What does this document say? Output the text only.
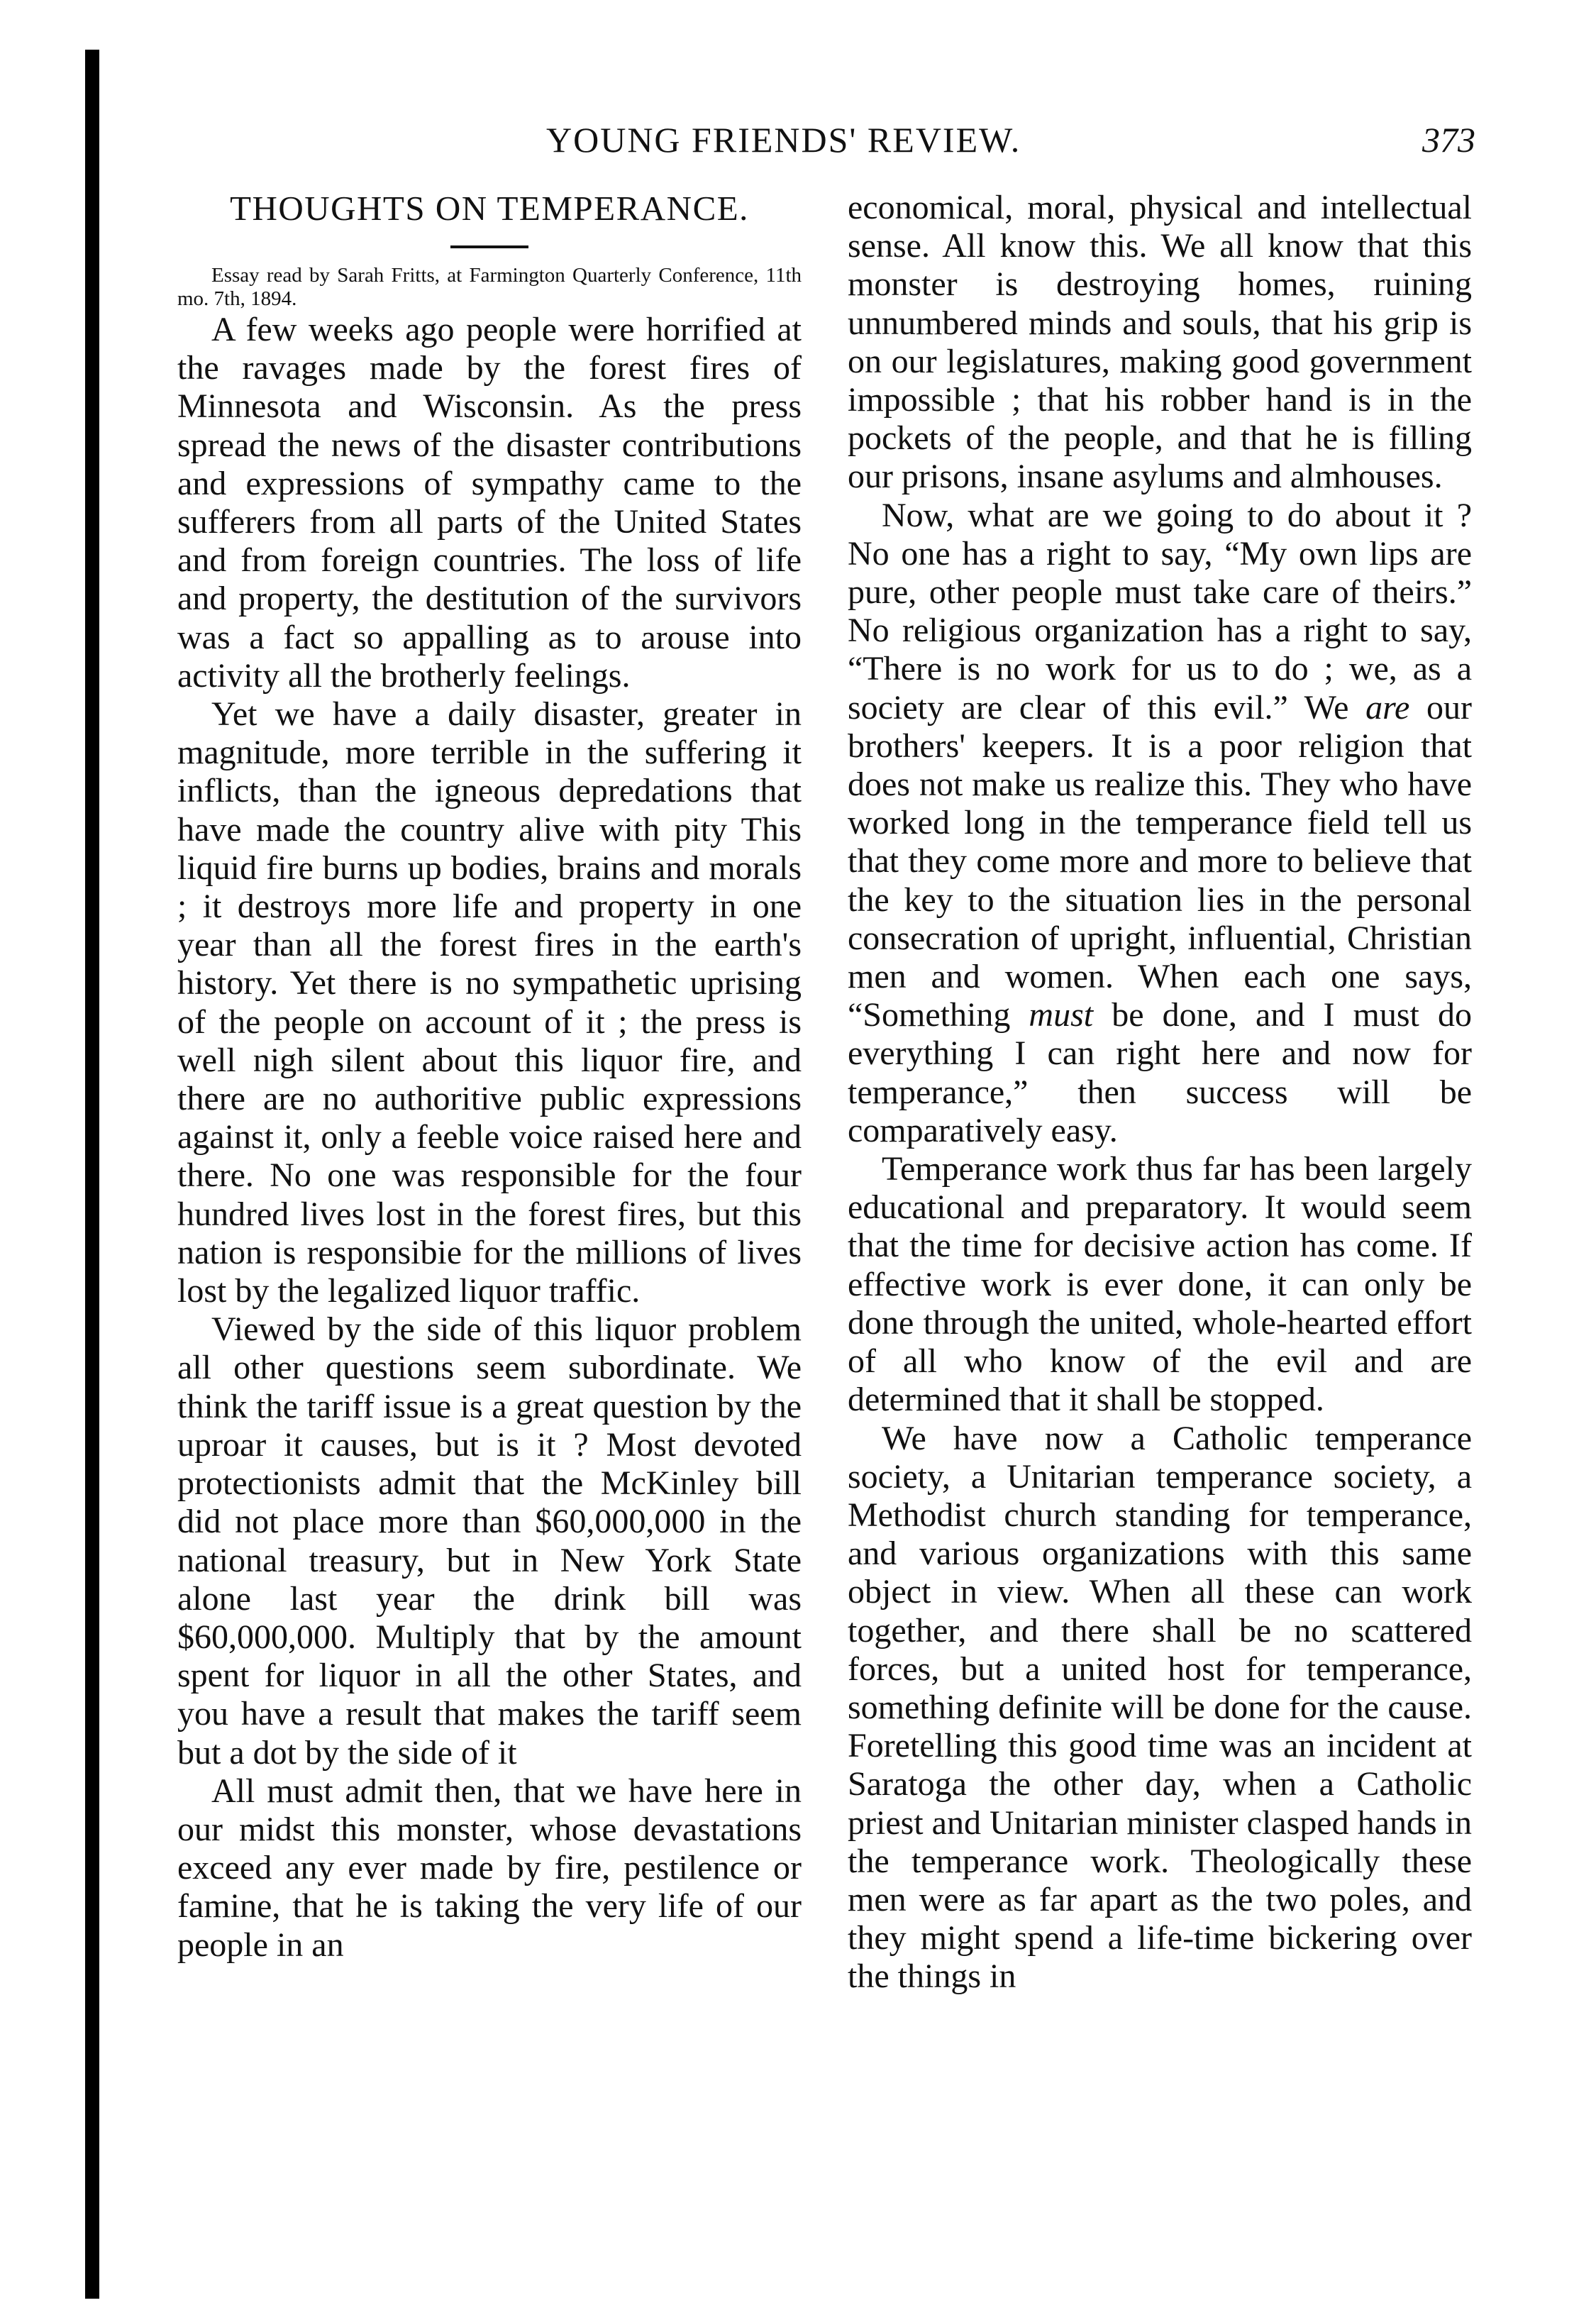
YOUNG FRIENDS' REVIEW.	373
THOUGHTS ON TEMPERANCE.

Essay read by Sarah Fritts, at Farmington Quarterly Conference, 11th mo. 7th, 1894.

A few weeks ago people were horrified at the ravages made by the forest fires of Minnesota and Wisconsin. As the press spread the news of the disaster contributions and expressions of sympathy came to the sufferers from all parts of the United States and from foreign countries. The loss of life and property, the destitution of the survivors was a fact so appalling as to arouse into activity all the brotherly feelings.

Yet we have a daily disaster, greater in magnitude, more terrible in the suffering it inflicts, than the igneous depredations that have made the country alive with pity This liquid fire burns up bodies, brains and morals ; it destroys more life and property in one year than all the forest fires in the earth's history. Yet there is no sympathetic uprising of the people on account of it ; the press is well nigh silent about this liquor fire, and there are no authoritive public expressions against it, only a feeble voice raised here and there. No one was responsible for the four hundred lives lost in the forest fires, but this nation is responsibie for the millions of lives lost by the legalized liquor traffic.

Viewed by the side of this liquor problem all other questions seem subordinate. We think the tariff issue is a great question by the uproar it causes, but is it ? Most devoted protectionists admit that the McKinley bill did not place more than $60,000,000 in the national treasury, but in New York State alone last year the drink bill was $60,000,000. Multiply that by the amount spent for liquor in all the other States, and you have a result that makes the tariff seem but a dot by the side of it

All must admit then, that we have here in our midst this monster, whose devastations exceed any ever made by fire, pestilence or famine, that he is taking the very life of our people in an

economical, moral, physical and intellectual sense. All know this. We all know that this monster is destroying homes, ruining unnumbered minds and souls, that his grip is on our legislatures, making good government impossible ; that his robber hand is in the pockets of the people, and that he is filling our prisons, insane asylums and almhouses.

Now, what are we going to do about it ? No one has a right to say, “My own lips are pure, other people must take care of theirs.” No religious organization has a right to say, “There is no work for us to do ; we, as a society are clear of this evil.” We are our brothers' keepers. It is a poor religion that does not make us realize this. They who have worked long in the temperance field tell us that they come more and more to believe that the key to the situation lies in the personal consecration of upright, influential, Christian men and women. When each one says, “Something must be done, and I must do everything I can right here and now for temperance,” then success will be comparatively easy.

Temperance work thus far has been largely educational and preparatory. It would seem that the time for decisive action has come. If effective work is ever done, it can only be done through the united, whole-hearted effort of all who know of the evil and are determined that it shall be stopped.

We have now a Catholic temperance society, a Unitarian temperance society, a Methodist church standing for temperance, and various organizations with this same object in view. When all these can work together, and there shall be no scattered forces, but a united host for temperance, something definite will be done for the cause. Foretelling this good time was an incident at Saratoga the other day, when a Catholic priest and Unitarian minister clasped hands in the temperance work. Theologically these men were as far apart as the two poles, and they might spend a life-time bickering over the things in
